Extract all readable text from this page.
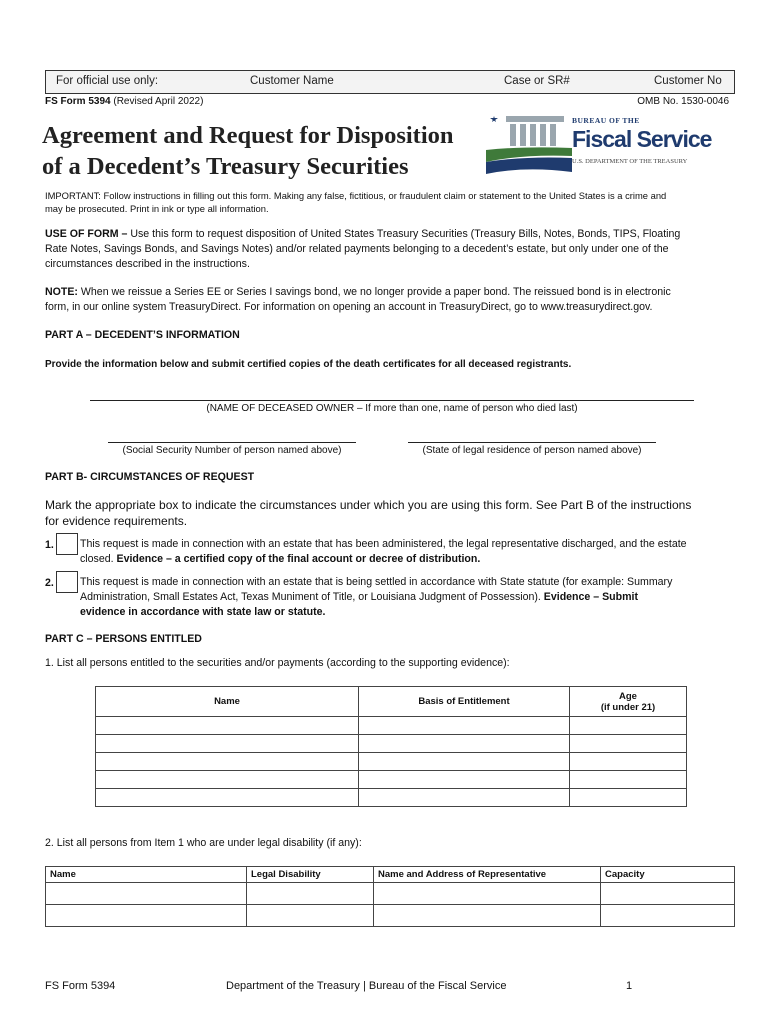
For official use only:	Customer Name	Case or SR#	Customer No
FS Form 5394 (Revised April 2022)	OMB No. 1530-0046
Agreement and Request for Disposition
of a Decedent’s Treasury Securities
BUREAU OF THE
Fiscal Service
U.S. DEPARTMENT OF THE TREASURY
IMPORTANT: Follow instructions in filling out this form. Making any false, fictitious, or fraudulent claim or statement to the United States is a crime and
may be prosecuted. Print in ink or type all information.
USE OF FORM – Use this form to request disposition of United States Treasury Securities (Treasury Bills, Notes, Bonds, TIPS, Floating
Rate Notes, Savings Bonds, and Savings Notes) and/or related payments belonging to a decedent’s estate, but only under one of the
circumstances described in the instructions.
NOTE: When we reissue a Series EE or Series I savings bond, we no longer provide a paper bond. The reissued bond is in electronic
form, in our online system TreasuryDirect. For information on opening an account in TreasuryDirect, go to www.treasurydirect.gov.
PART A – DECEDENT’S INFORMATION
Provide the information below and submit certified copies of the death certificates for all deceased registrants.
(NAME OF DECEASED OWNER – If more than one, name of person who died last)
(Social Security Number of person named above)	(State of legal residence of person named above)
PART B- CIRCUMSTANCES OF REQUEST
Mark the appropriate box to indicate the circumstances under which you are using this form. See Part B of the instructions
for evidence requirements.
1. This request is made in connection with an estate that has been administered, the legal representative discharged, and the estate
closed. Evidence – a certified copy of the final account or decree of distribution.
2. This request is made in connection with an estate that is being settled in accordance with State statute (for example: Summary
Administration, Small Estates Act, Texas Muniment of Title, or Louisiana Judgment of Possession). Evidence – Submit
evidence in accordance with state law or statute.
PART C – PERSONS ENTITLED
1. List all persons entitled to the securities and/or payments (according to the supporting evidence):
Name	Basis of Entitlement	Age
(if under 21)

2. List all persons from Item 1 who are under legal disability (if any):
Name	Legal Disability	Name and Address of Representative	Capacity

FS Form 5394	Department of the Treasury | Bureau of the Fiscal Service	1
